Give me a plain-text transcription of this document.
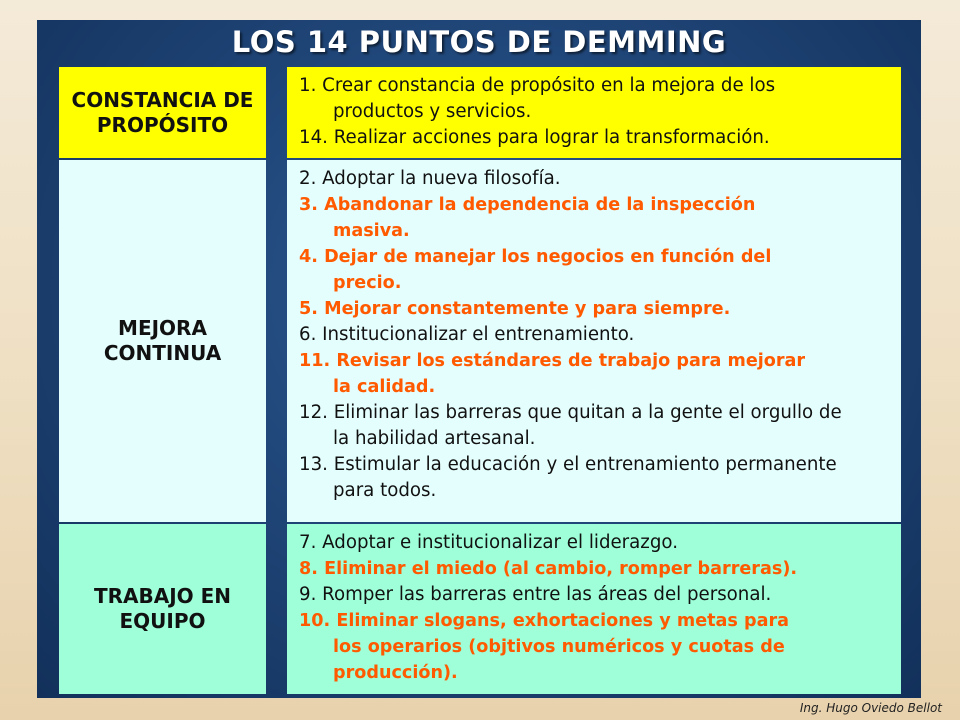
LOS 14 PUNTOS DE DEMMING
CONSTANCIA DE PROPÓSITO
1. Crear constancia de propósito en la mejora de los
productos y servicios.
14. Realizar acciones para lograr la transformación.
MEJORA CONTINUA
2. Adoptar la nueva filosofía.
3. Abandonar la dependencia de la inspección
masiva.
4. Dejar de manejar los negocios en función del
precio.
5. Mejorar constantemente y para siempre.
6. Institucionalizar el entrenamiento.
11. Revisar los estándares de trabajo para mejorar
la calidad.
12. Eliminar las barreras que quitan a la gente el orgullo de
la habilidad artesanal.
13. Estimular la educación y el entrenamiento permanente
para todos.
TRABAJO EN EQUIPO
7. Adoptar e institucionalizar el liderazgo.
8. Eliminar el miedo (al cambio, romper barreras).
9. Romper las barreras entre las áreas del personal.
10. Eliminar slogans, exhortaciones y metas para
los operarios (objtivos numéricos y cuotas de
producción).
Ing. Hugo Oviedo Bellot
